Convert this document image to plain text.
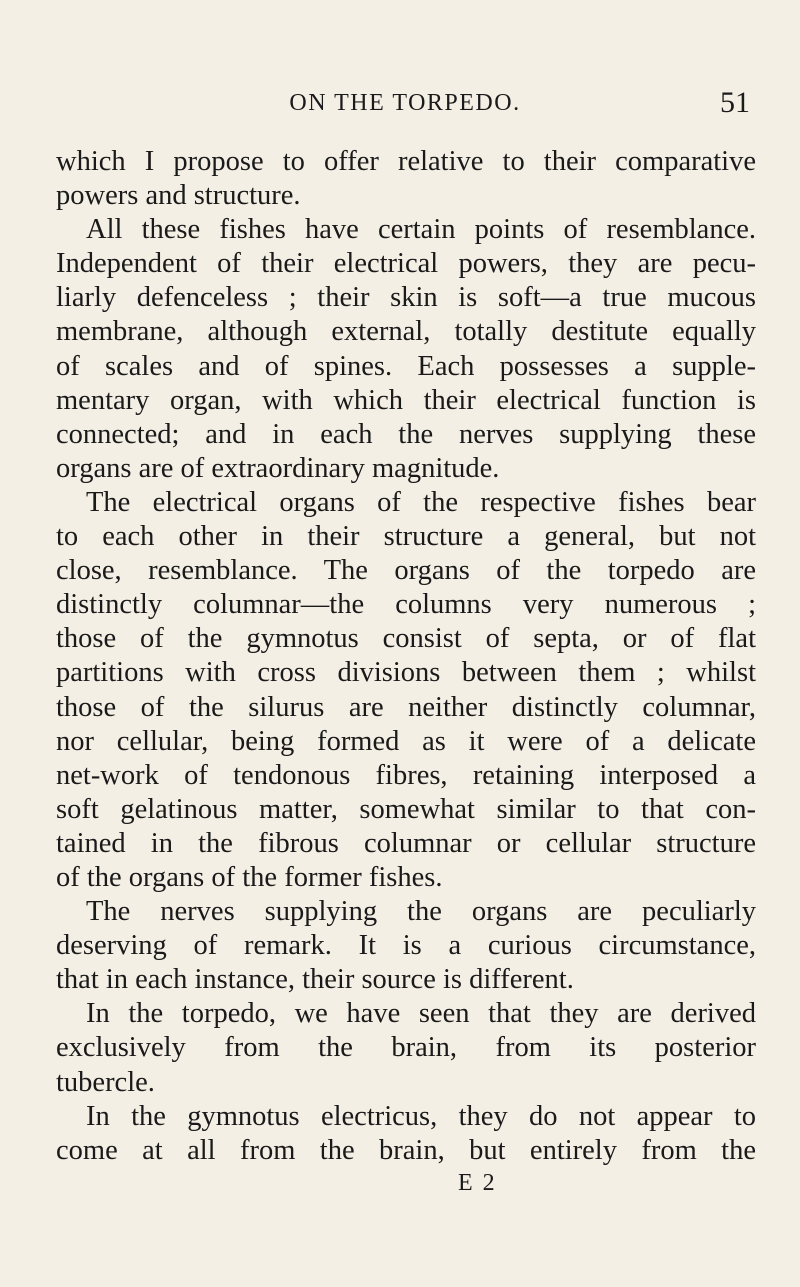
ON THE TORPEDO.	51
which I propose to offer relative to their comparative
powers and structure.
All these fishes have certain points of resemblance.
Independent of their electrical powers, they are pecu-
liarly defenceless ; their skin is soft—a true mucous
membrane, although external, totally destitute equally
of scales and of spines. Each possesses a supple-
mentary organ, with which their electrical function is
connected; and in each the nerves supplying these
organs are of extraordinary magnitude.
The electrical organs of the respective fishes bear
to each other in their structure a general, but not
close, resemblance. The organs of the torpedo are
distinctly columnar—the columns very numerous ;
those of the gymnotus consist of septa, or of flat
partitions with cross divisions between them ; whilst
those of the silurus are neither distinctly columnar,
nor cellular, being formed as it were of a delicate
net-work of tendonous fibres, retaining interposed a
soft gelatinous matter, somewhat similar to that con-
tained in the fibrous columnar or cellular structure
of the organs of the former fishes.
The nerves supplying the organs are peculiarly
deserving of remark. It is a curious circumstance,
that in each instance, their source is different.
In the torpedo, we have seen that they are derived
exclusively from the brain, from its posterior
tubercle.
In the gymnotus electricus, they do not appear to
come at all from the brain, but entirely from the
E 2
